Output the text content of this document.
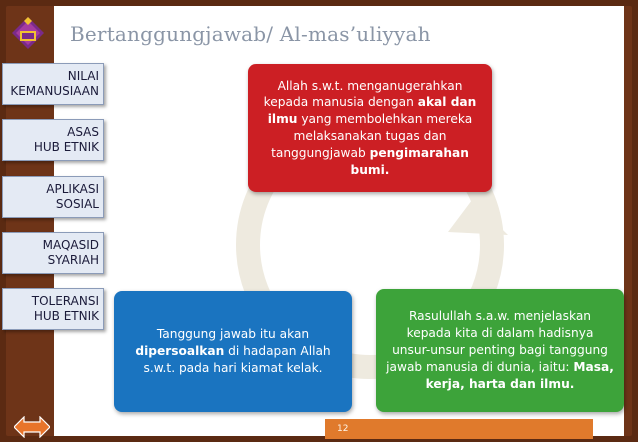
Bertanggungjawab/ Al-mas’uliyyah
NILAI
KEMANUSIAAN
ASAS
HUB ETNIK
APLIKASI
SOSIAL
MAQASID
SYARIAH
TOLERANSI
HUB ETNIK
Allah s.w.t. menganugerahkan kepada manusia dengan akal dan ilmu yang membolehkan mereka melaksanakan tugas dan tanggungjawab pengimarahan bumi.
Rasulullah s.a.w. menjelaskan kepada kita di dalam hadisnya unsur-unsur penting bagi tanggung jawab manusia di dunia, iaitu: Masa, kerja, harta dan ilmu.
Tanggung jawab itu akan dipersoalkan di hadapan Allah s.w.t. pada hari kiamat kelak.
12
